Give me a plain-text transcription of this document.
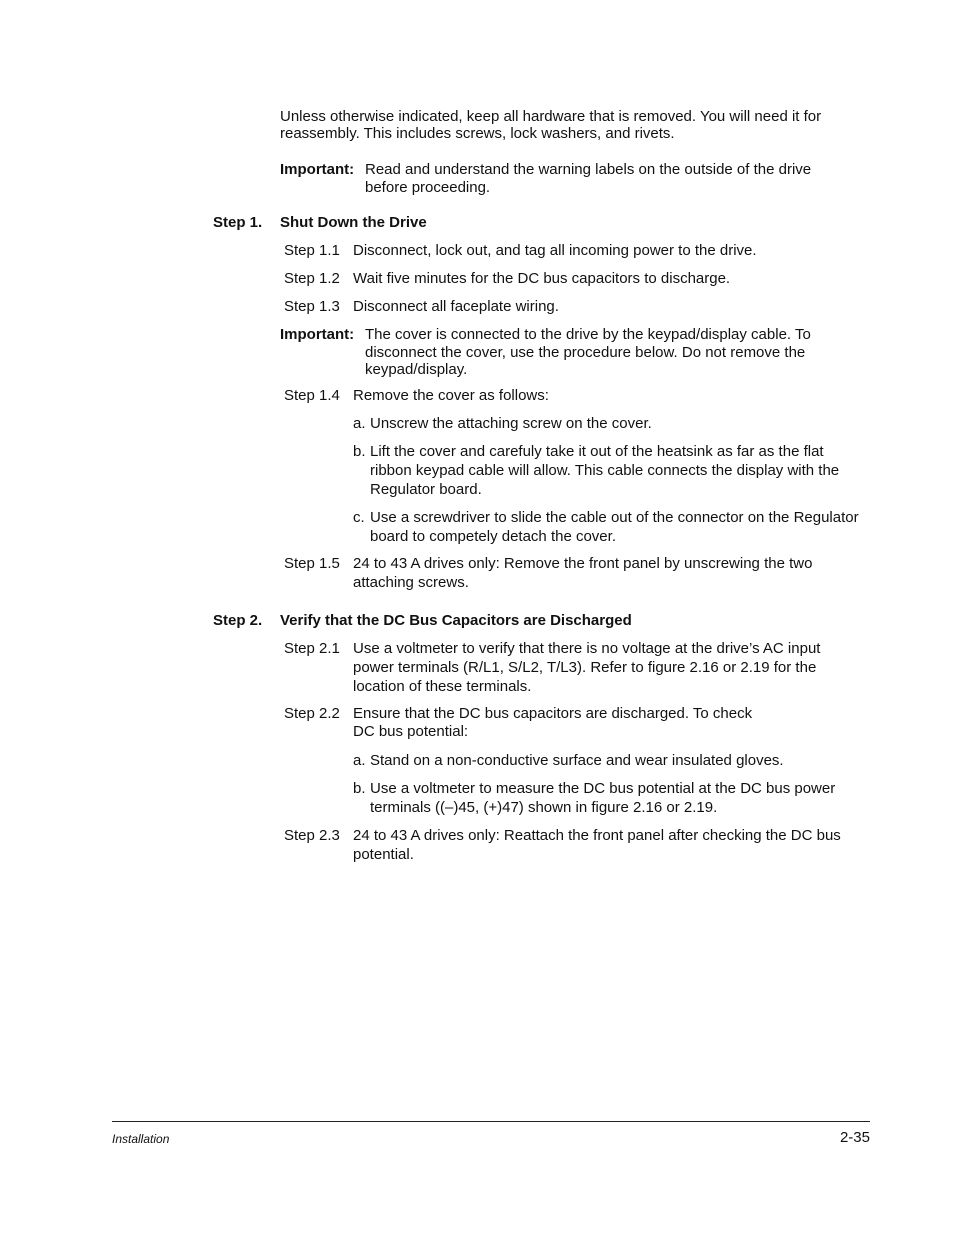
Unless otherwise indicated, keep all hardware that is removed. You will need it for reassembly. This includes screws, lock washers, and rivets.
Important: Read and understand the warning labels on the outside of the drive before proceeding.
Step 1. Shut Down the Drive
Step 1.1 Disconnect, lock out, and tag all incoming power to the drive.
Step 1.2 Wait five minutes for the DC bus capacitors to discharge.
Step 1.3 Disconnect all faceplate wiring.
Important: The cover is connected to the drive by the keypad/display cable. To disconnect the cover, use the procedure below. Do not remove the keypad/display.
Step 1.4 Remove the cover as follows:
a. Unscrew the attaching screw on the cover.
b. Lift the cover and carefuly take it out of the heatsink as far as the flat ribbon keypad cable will allow. This cable connects the display with the Regulator board.
c. Use a screwdriver to slide the cable out of the connector on the Regulator board to competely detach the cover.
Step 1.5 24 to 43 A drives only: Remove the front panel by unscrewing the two attaching screws.
Step 2. Verify that the DC Bus Capacitors are Discharged
Step 2.1 Use a voltmeter to verify that there is no voltage at the drive’s AC input power terminals (R/L1, S/L2, T/L3). Refer to figure 2.16 or 2.19 for the location of these terminals.
Step 2.2 Ensure that the DC bus capacitors are discharged. To check
DC bus potential:
a. Stand on a non-conductive surface and wear insulated gloves.
b. Use a voltmeter to measure the DC bus potential at the DC bus power terminals ((–)45, (+)47) shown in figure 2.16 or 2.19.
Step 2.3 24 to 43 A drives only: Reattach the front panel after checking the DC bus potential.
Installation	2-35
